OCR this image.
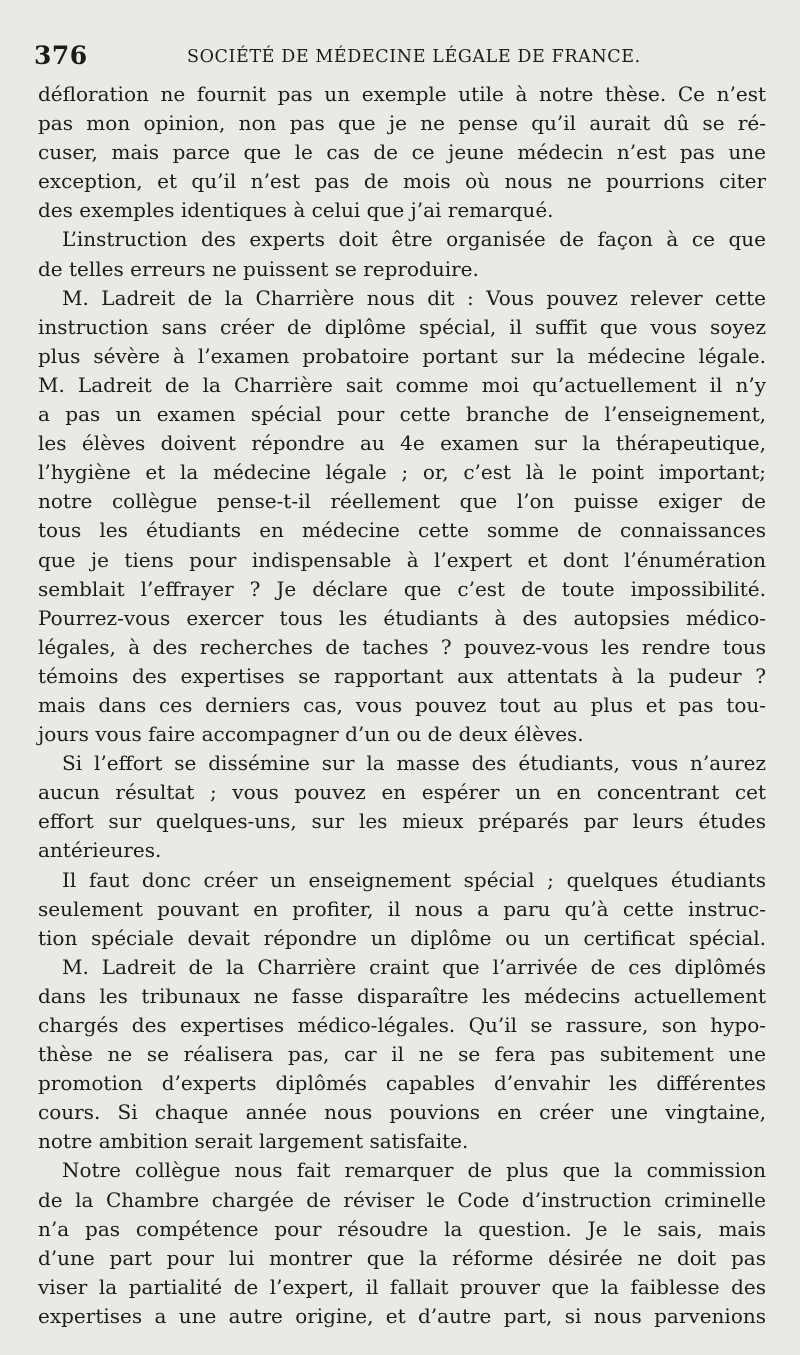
376	SOCIÉTÉ DE MÉDECINE LÉGALE DE FRANCE.
défloration ne fournit pas un exemple utile à notre thèse. Ce n’est
pas mon opinion, non pas que je ne pense qu’il aurait dû se ré-
cuser, mais parce que le cas de ce jeune médecin n’est pas une
exception, et qu’il n’est pas de mois où nous ne pourrions citer
des exemples identiques à celui que j’ai remarqué.
L’instruction des experts doit être organisée de façon à ce que
de telles erreurs ne puissent se reproduire.
M. Ladreit de la Charrière nous dit : Vous pouvez relever cette
instruction sans créer de diplôme spécial, il suffit que vous soyez
plus sévère à l’examen probatoire portant sur la médecine légale.
M. Ladreit de la Charrière sait comme moi qu’actuellement il n’y
a pas un examen spécial pour cette branche de l’enseignement,
les élèves doivent répondre au 4e examen sur la thérapeutique,
l’hygiène et la médecine légale ; or, c’est là le point important;
notre collègue pense-t-il réellement que l’on puisse exiger de
tous les étudiants en médecine cette somme de connaissances
que je tiens pour indispensable à l’expert et dont l’énumération
semblait l’effrayer ? Je déclare que c’est de toute impossibilité.
Pourrez-vous exercer tous les étudiants à des autopsies médico-
légales, à des recherches de taches ? pouvez-vous les rendre tous
témoins des expertises se rapportant aux attentats à la pudeur ?
mais dans ces derniers cas, vous pouvez tout au plus et pas tou-
jours vous faire accompagner d’un ou de deux élèves.
Si l’effort se dissémine sur la masse des étudiants, vous n’aurez
aucun résultat ; vous pouvez en espérer un en concentrant cet
effort sur quelques-uns, sur les mieux préparés par leurs études
antérieures.
Il faut donc créer un enseignement spécial ; quelques étudiants
seulement pouvant en profiter, il nous a paru qu’à cette instruc-
tion spéciale devait répondre un diplôme ou un certificat spécial.
M. Ladreit de la Charrière craint que l’arrivée de ces diplômés
dans les tribunaux ne fasse disparaître les médecins actuellement
chargés des expertises médico-légales. Qu’il se rassure, son hypo-
thèse ne se réalisera pas, car il ne se fera pas subitement une
promotion d’experts diplômés capables d’envahir les différentes
cours. Si chaque année nous pouvions en créer une vingtaine,
notre ambition serait largement satisfaite.
Notre collègue nous fait remarquer de plus que la commission
de la Chambre chargée de réviser le Code d’instruction criminelle
n’a pas compétence pour résoudre la question. Je le sais, mais
d’une part pour lui montrer que la réforme désirée ne doit pas
viser la partialité de l’expert, il fallait prouver que la faiblesse des
expertises a une autre origine, et d’autre part, si nous parvenions
